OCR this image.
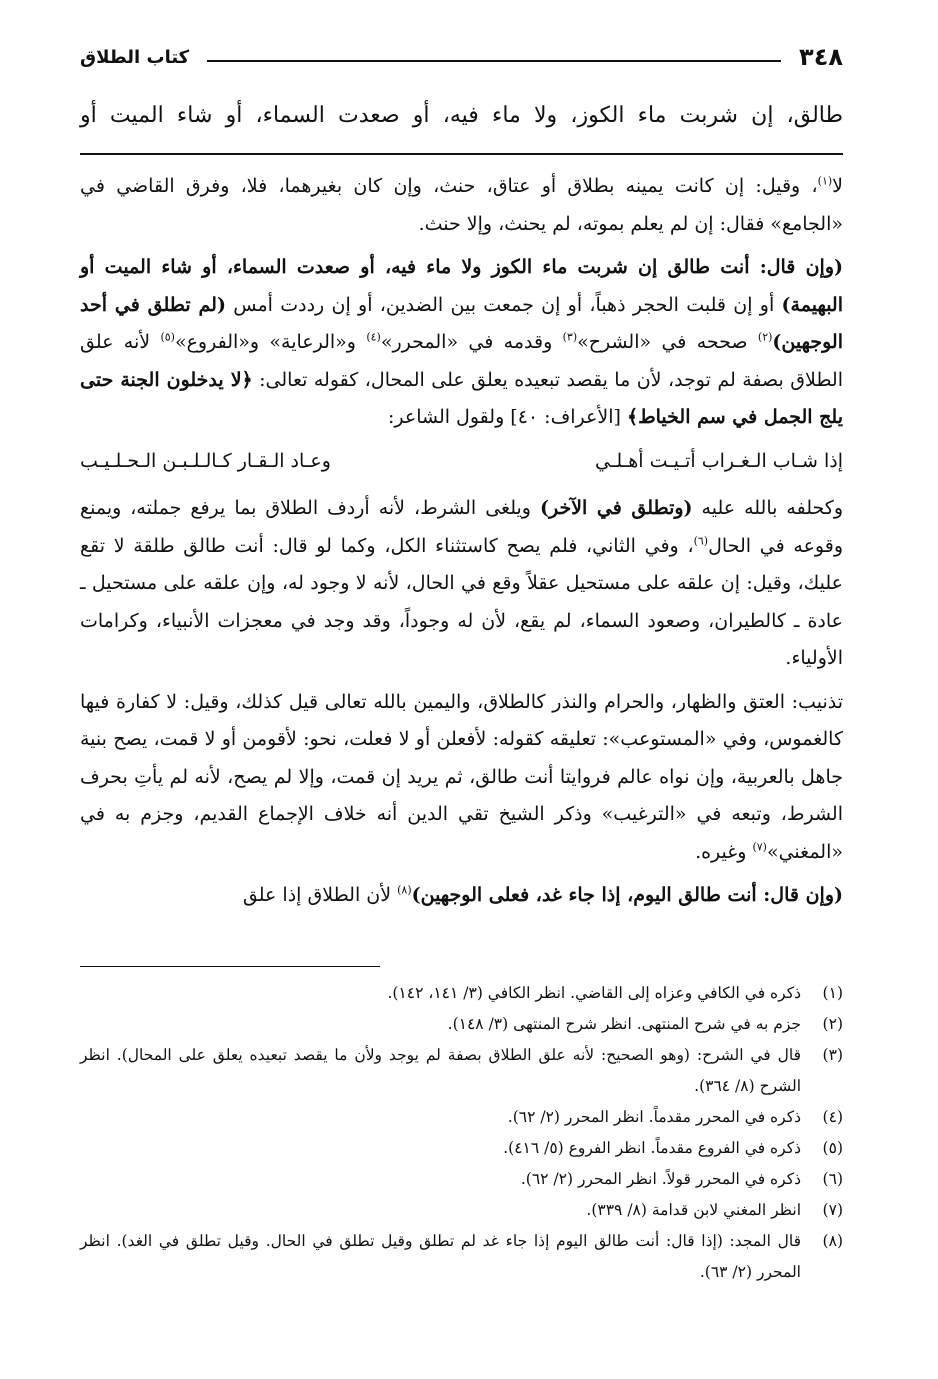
٣٤٨
كتاب الطلاق
طالق، إن شربت ماء الكوز، ولا ماء فيه، أو صعدت السماء، أو شاء الميت أو

لا$^{(١)}$، وقيل: إن كانت يمينه بطلاق أو عتاق، حنث، وإن كان بغيرهما، فلا، وفرق القاضي في «الجامع» فقال: إن لم يعلم بموته، لم يحنث، وإلا حنث.

(وإن قال: أنت طالق إن شربت ماء الكوز ولا ماء فيه، أو صعدت السماء، أو شاء الميت أو البهيمة) أو إن قلبت الحجر ذهباً، أو إن جمعت بين الضدين، أو إن رددت أمس (لم تطلق في أحد الوجهين)$^{(٢)}$ صححه في «الشرح»$^{(٣)}$ وقدمه في «المحرر»$^{(٤)}$ و«الرعاية» و«الفروع»$^{(٥)}$ لأنه علق الطلاق بصفة لم توجد، لأن ما يقصد تبعيده يعلق على المحال، كقوله تعالى: ﴿لا يدخلون الجنة حتى يلج الجمل في سم الخياط﴾ [الأعراف: ٤٠] ولقول الشاعر:

إذا شـاب الـغـراب أتـيـت أهـلـي
وعـاد الـقـار كـالـلـبـن الـحـلـيـب

وكحلفه بالله عليه (وتطلق في الآخر) ويلغى الشرط، لأنه أردف الطلاق بما يرفع جملته، ويمنع وقوعه في الحال$^{(٦)}$، وفي الثاني، فلم يصح كاستثناء الكل، وكما لو قال: أنت طالق طلقة لا تقع عليك، وقيل: إن علقه على مستحيل عقلاً وقع في الحال، لأنه لا وجود له، وإن علقه على مستحيل ـ عادة ـ كالطيران، وصعود السماء، لم يقع، لأن له وجوداً، وقد وجد في معجزات الأنبياء، وكرامات الأولياء.

تذنيب: العتق والظهار، والحرام والنذر كالطلاق، واليمين بالله تعالى قيل كذلك، وقيل: لا كفارة فيها كالغموس، وفي «المستوعب»: تعليقه كقوله: لأفعلن أو لا فعلت، نحو: لأقومن أو لا قمت، يصح بنية جاهل بالعربية، وإن نواه عالم فروايتا أنت طالق، ثم يريد إن قمت، وإلا لم يصح، لأنه لم يأتِ بحرف الشرط، وتبعه في «الترغيب» وذكر الشيخ تقي الدين أنه خلاف الإجماع القديم، وجزم به في «المغني»$^{(٧)}$ وغيره.

(وإن قال: أنت طالق اليوم، إذا جاء غد، فعلى الوجهين)$^{(٨)}$ لأن الطلاق إذا علق

(١)
ذكره في الكافي وعزاه إلى القاضي. انظر الكافي (٣/ ١٤١، ١٤٢).
(٢)
جزم به في شرح المنتهى. انظر شرح المنتهى (٣/ ١٤٨).
(٣)
قال في الشرح: (وهو الصحيح: لأنه علق الطلاق بصفة لم يوجد ولأن ما يقصد تبعيده يعلق على المحال). انظر الشرح (٨/ ٣٦٤).
(٤)
ذكره في المحرر مقدماً. انظر المحرر (٢/ ٦٢).
(٥)
ذكره في الفروع مقدماً. انظر الفروع (٥/ ٤١٦).
(٦)
ذكره في المحرر قولاً. انظر المحرر (٢/ ٦٢).
(٧)
انظر المغني لابن قدامة (٨/ ٣٣٩).
(٨)
قال المجد: (إذا قال: أنت طالق اليوم إذا جاء غد لم تطلق وقيل تطلق في الحال. وقيل تطلق في الغد). انظر المحرر (٢/ ٦٣).
